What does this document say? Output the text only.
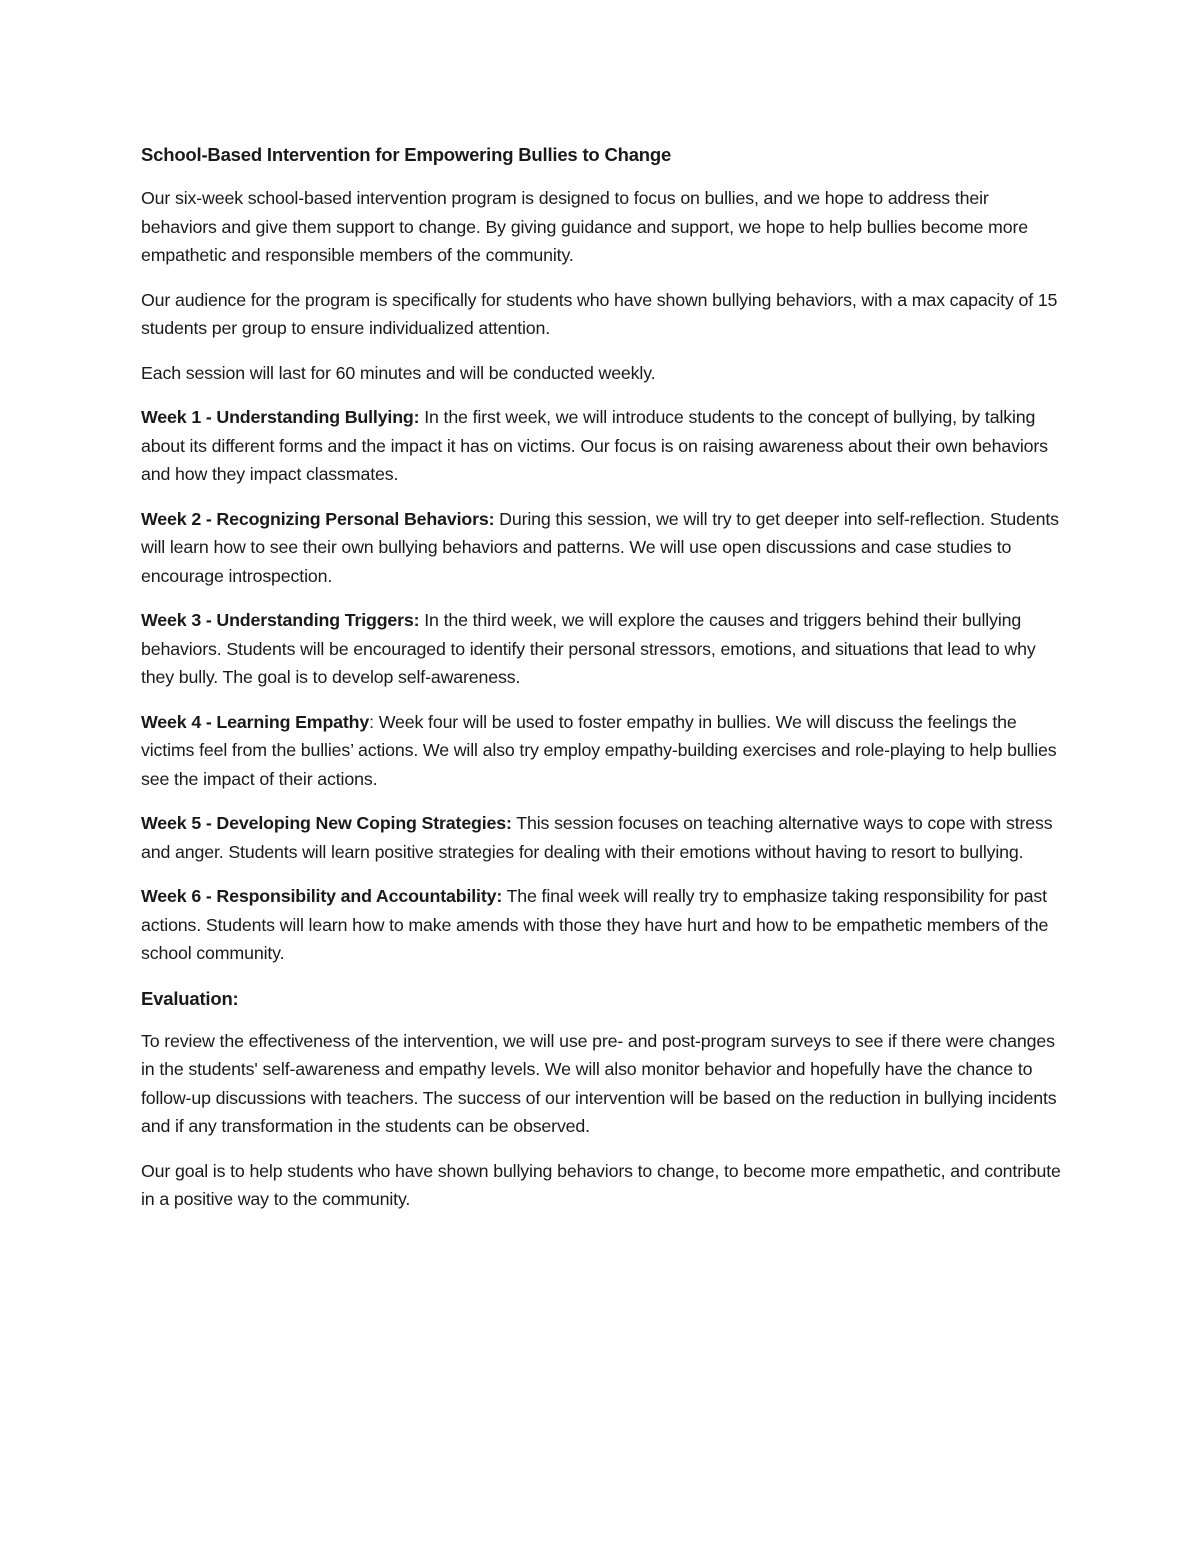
School-Based Intervention for Empowering Bullies to Change

Our six-week school-based intervention program is designed to focus on bullies, and we hope to address their behaviors and give them support to change. By giving guidance and support, we hope to help bullies become more empathetic and responsible members of the community.

Our audience for the program is specifically for students who have shown bullying behaviors, with a max capacity of 15 students per group to ensure individualized attention.

Each session will last for 60 minutes and will be conducted weekly.

Week 1 - Understanding Bullying: In the first week, we will introduce students to the concept of bullying, by talking about its different forms and the impact it has on victims. Our focus is on raising awareness about their own behaviors and how they impact classmates.

Week 2 - Recognizing Personal Behaviors: During this session, we will try to get deeper into self-reflection. Students will learn how to see their own bullying behaviors and patterns. We will use open discussions and case studies to encourage introspection.

Week 3 - Understanding Triggers: In the third week, we will explore the causes and triggers behind their bullying behaviors. Students will be encouraged to identify their personal stressors, emotions, and situations that lead to why they bully. The goal is to develop self-awareness.

Week 4 - Learning Empathy: Week four will be used to foster empathy in bullies. We will discuss the feelings the victims feel from the bullies’ actions. We will also try employ empathy-building exercises and role-playing to help bullies see the impact of their actions.

Week 5 - Developing New Coping Strategies: This session focuses on teaching alternative ways to cope with stress and anger. Students will learn positive strategies for dealing with their emotions without having to resort to bullying.

Week 6 - Responsibility and Accountability: The final week will really try to emphasize taking responsibility for past actions. Students will learn how to make amends with those they have hurt and how to be empathetic members of the school community.

Evaluation:

To review the effectiveness of the intervention, we will use pre- and post-program surveys to see if there were changes in the students' self-awareness and empathy levels. We will also monitor behavior and hopefully have the chance to follow-up discussions with teachers. The success of our intervention will be based on the reduction in bullying incidents and if any transformation in the students can be observed.

Our goal is to help students who have shown bullying behaviors to change, to become more empathetic, and contribute in a positive way to the community.
